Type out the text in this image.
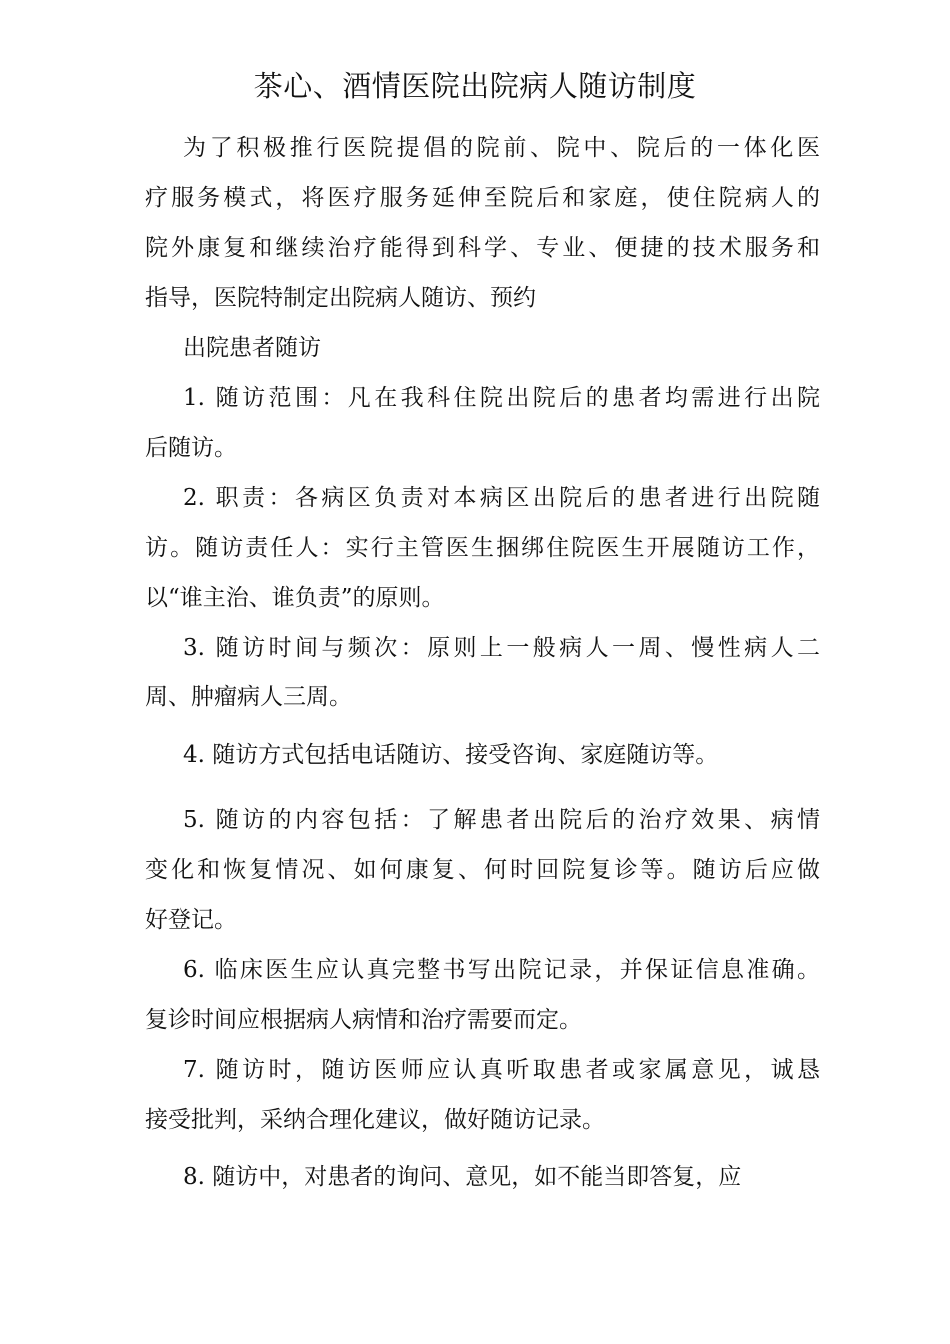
茶心、酒情医院出院病人随访制度
为了积极推行医院提倡的院前、院中、院后的一体化医
疗服务模式，将医疗服务延伸至院后和家庭，使住院病人的
院外康复和继续治疗能得到科学、专业、便捷的技术服务和
指导，医院特制定出院病人随访、预约
出院患者随访
1. 随访范围：凡在我科住院出院后的患者均需进行出院
后随访。
2. 职责：各病区负责对本病区出院后的患者进行出院随
访。随访责任人：实行主管医生捆绑住院医生开展随访工作，
以“谁主治、谁负责”的原则。
3. 随访时间与频次：原则上一般病人一周、慢性病人二
周、肿瘤病人三周。
4. 随访方式包括电话随访、接受咨询、家庭随访等。
5. 随访的内容包括：了解患者出院后的治疗效果、病情
变化和恢复情况、如何康复、何时回院复诊等。随访后应做
好登记。
6. 临床医生应认真完整书写出院记录，并保证信息准确。
复诊时间应根据病人病情和治疗需要而定。
7. 随访时，随访医师应认真听取患者或家属意见，诚恳
接受批判，采纳合理化建议，做好随访记录。
8. 随访中，对患者的询问、意见，如不能当即答复，应
